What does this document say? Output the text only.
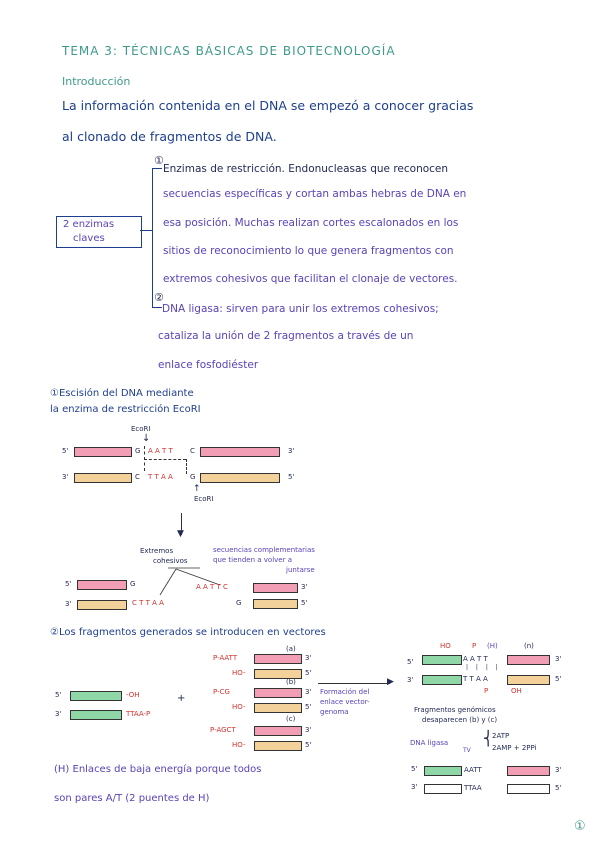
TEMA 3: TÉCNICAS BÁSICAS DE BIOTECNOLOGÍA
Introducción
La información contenida en el DNA se empezó a conocer gracias
al clonado de fragmentos de DNA.
2 enzimas
claves
①
Enzimas de restricción. Endonucleasas que reconocen
secuencias específicas y cortan ambas hebras de DNA en
esa posición. Muchas realizan cortes escalonados en los
sitios de reconocimiento lo que genera fragmentos con
extremos cohesivos que facilitan el clonaje de vectores.
②
DNA ligasa: sirven para unir los extremos cohesivos;
cataliza la unión de 2 fragmentos a través de un
enlace fosfodiéster
①Escisión del DNA mediante
la enzima de restricción EcoRI
EcoRI
↓
5'	G A A T T C	3'
3'	C T T A A G	5'
↑
EcoRI
▼
Extremos
cohesivos
secuencias complementarias
que tienden a volver a
juntarse
5'	G
3'	C T T A A
A A T T C	3'
G	5'
②Los fragmentos generados se introducen en vectores
(a)
P-AATT	3'
HO-	5'
(b)
P-CG	3'
HO-	5'
(c)
P-AGCT	3'
HO-	5'
5'	-OH	+
3'	TTAA-P
Formación del
enlace vector-
genoma
▶
HO	P (H)	(n)
5'	A A T T	3'
| | | |
3'	T T A A	5'
P	OH
Fragmentos genómicos
desaparecen (b) y (c)
DNA ligasa
TV
⎨
2ATP
2AMP + 2PPi
5'	AATT	3'
3'	TTAA	5'
(H) Enlaces de baja energía porque todos
son pares A/T (2 puentes de H)
①
